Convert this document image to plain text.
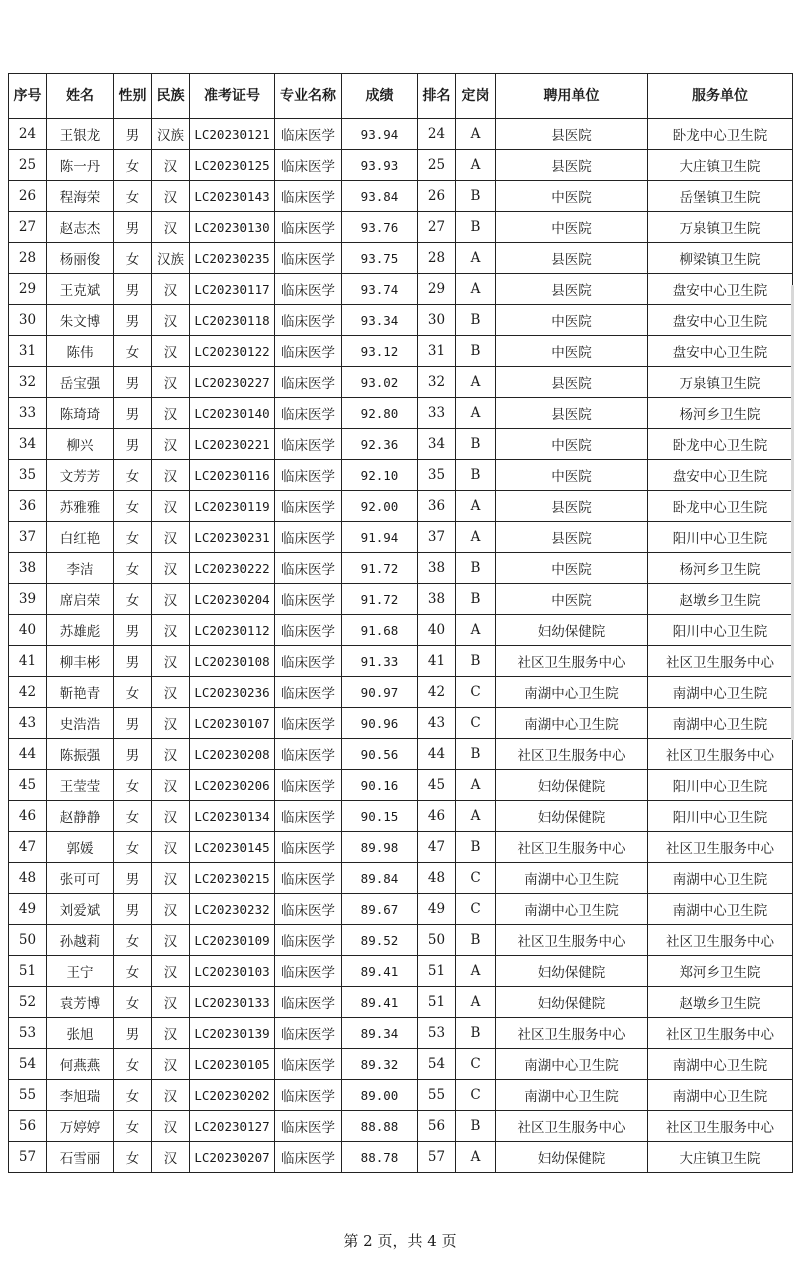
序号	姓名	性别	民族	准考证号	专业名称	成绩	排名	定岗	聘用单位	服务单位
24	王银龙	男	汉族	LC20230121	临床医学	93.94	24	A	县医院	卧龙中心卫生院
25	陈一丹	女	汉	LC20230125	临床医学	93.93	25	A	县医院	大庄镇卫生院
26	程海荣	女	汉	LC20230143	临床医学	93.84	26	B	中医院	岳堡镇卫生院
27	赵志杰	男	汉	LC20230130	临床医学	93.76	27	B	中医院	万泉镇卫生院
28	杨丽俊	女	汉族	LC20230235	临床医学	93.75	28	A	县医院	柳梁镇卫生院
29	王克斌	男	汉	LC20230117	临床医学	93.74	29	A	县医院	盘安中心卫生院
30	朱文博	男	汉	LC20230118	临床医学	93.34	30	B	中医院	盘安中心卫生院
31	陈伟	女	汉	LC20230122	临床医学	93.12	31	B	中医院	盘安中心卫生院
32	岳宝强	男	汉	LC20230227	临床医学	93.02	32	A	县医院	万泉镇卫生院
33	陈琦琦	男	汉	LC20230140	临床医学	92.80	33	A	县医院	杨河乡卫生院
34	柳兴	男	汉	LC20230221	临床医学	92.36	34	B	中医院	卧龙中心卫生院
35	文芳芳	女	汉	LC20230116	临床医学	92.10	35	B	中医院	盘安中心卫生院
36	苏雅雅	女	汉	LC20230119	临床医学	92.00	36	A	县医院	卧龙中心卫生院
37	白红艳	女	汉	LC20230231	临床医学	91.94	37	A	县医院	阳川中心卫生院
38	李洁	女	汉	LC20230222	临床医学	91.72	38	B	中医院	杨河乡卫生院
39	席启荣	女	汉	LC20230204	临床医学	91.72	38	B	中医院	赵墩乡卫生院
40	苏雄彪	男	汉	LC20230112	临床医学	91.68	40	A	妇幼保健院	阳川中心卫生院
41	柳丰彬	男	汉	LC20230108	临床医学	91.33	41	B	社区卫生服务中心	社区卫生服务中心
42	靳艳青	女	汉	LC20230236	临床医学	90.97	42	C	南湖中心卫生院	南湖中心卫生院
43	史浩浩	男	汉	LC20230107	临床医学	90.96	43	C	南湖中心卫生院	南湖中心卫生院
44	陈振强	男	汉	LC20230208	临床医学	90.56	44	B	社区卫生服务中心	社区卫生服务中心
45	王莹莹	女	汉	LC20230206	临床医学	90.16	45	A	妇幼保健院	阳川中心卫生院
46	赵静静	女	汉	LC20230134	临床医学	90.15	46	A	妇幼保健院	阳川中心卫生院
47	郭媛	女	汉	LC20230145	临床医学	89.98	47	B	社区卫生服务中心	社区卫生服务中心
48	张可可	男	汉	LC20230215	临床医学	89.84	48	C	南湖中心卫生院	南湖中心卫生院
49	刘爱斌	男	汉	LC20230232	临床医学	89.67	49	C	南湖中心卫生院	南湖中心卫生院
50	孙越莉	女	汉	LC20230109	临床医学	89.52	50	B	社区卫生服务中心	社区卫生服务中心
51	王宁	女	汉	LC20230103	临床医学	89.41	51	A	妇幼保健院	郑河乡卫生院
52	袁芳博	女	汉	LC20230133	临床医学	89.41	51	A	妇幼保健院	赵墩乡卫生院
53	张旭	男	汉	LC20230139	临床医学	89.34	53	B	社区卫生服务中心	社区卫生服务中心
54	何燕燕	女	汉	LC20230105	临床医学	89.32	54	C	南湖中心卫生院	南湖中心卫生院
55	李旭瑞	女	汉	LC20230202	临床医学	89.00	55	C	南湖中心卫生院	南湖中心卫生院
56	万婷婷	女	汉	LC20230127	临床医学	88.88	56	B	社区卫生服务中心	社区卫生服务中心
57	石雪丽	女	汉	LC20230207	临床医学	88.78	57	A	妇幼保健院	大庄镇卫生院
第 2 页，共 4 页
